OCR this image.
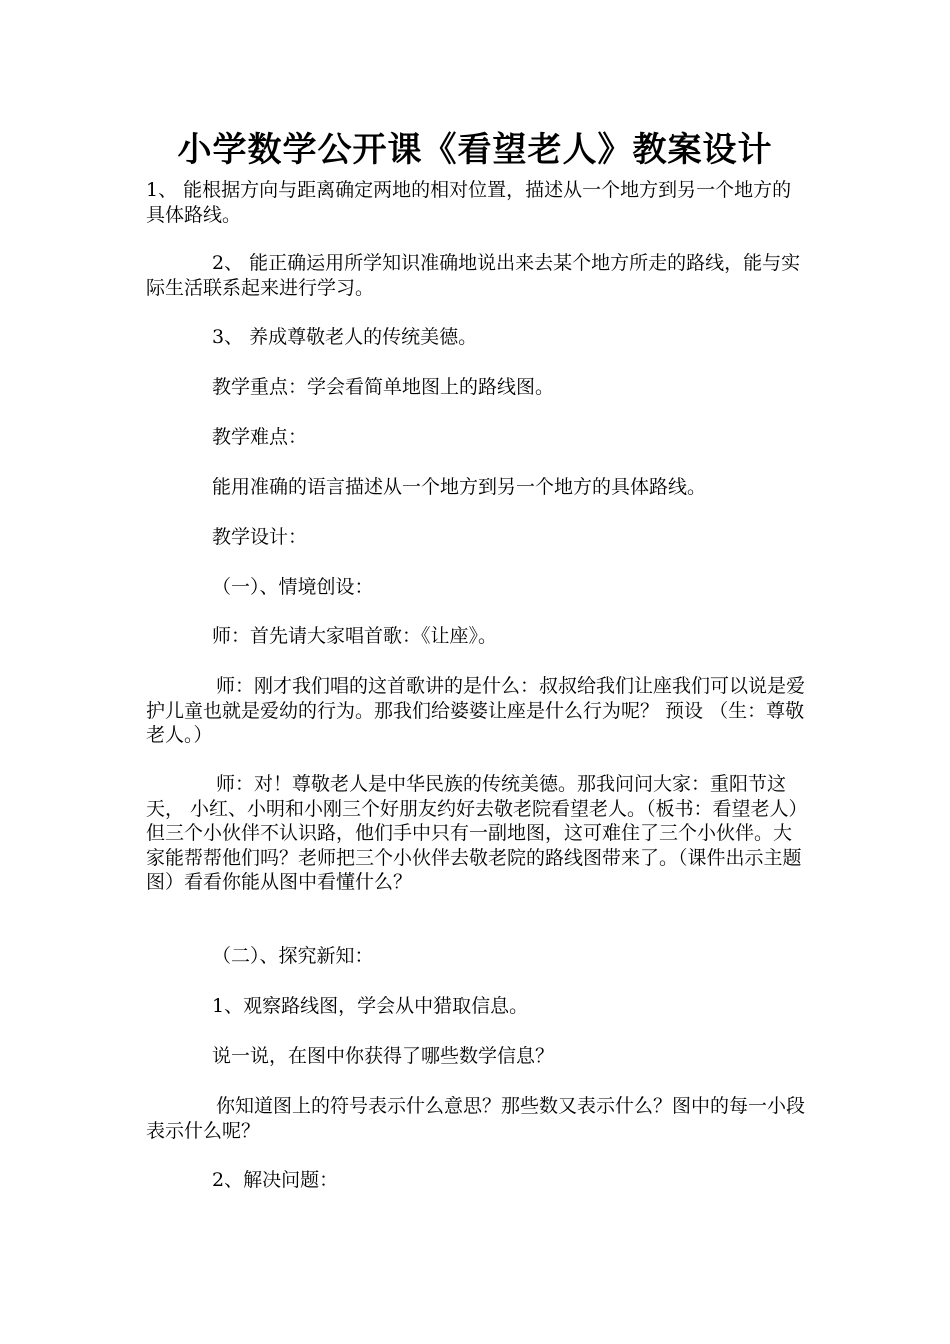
小学数学公开课《看望老人》教案设计

1、 能根据方向与距离确定两地的相对位置，描述从一个地方到另一个地方的具体路线。

2、 能正确运用所学知识准确地说出来去某个地方所走的路线，能与实际生活联系起来进行学习。

3、 养成尊敬老人的传统美德。

教学重点：学会看简单地图上的路线图。

教学难点：

能用准确的语言描述从一个地方到另一个地方的具体路线。

教学设计：

（一）、情境创设：

师：首先请大家唱首歌：《让座》。

师：刚才我们唱的这首歌讲的是什么：叔叔给我们让座我们可以说是爱护儿童也就是爱幼的行为。那我们给婆婆让座是什么行为呢？ 预设 （生：尊敬老人。）

师：对！尊敬老人是中华民族的传统美德。那我问问大家：重阳节这天， 小红、小明和小刚三个好朋友约好去敬老院看望老人。（板书：看望老人）但三个小伙伴不认识路，他们手中只有一副地图，这可难住了三个小伙伴。大家能帮帮他们吗？老师把三个小伙伴去敬老院的路线图带来了。（课件出示主题图）看看你能从图中看懂什么？

（二）、探究新知：

1、观察路线图，学会从中猎取信息。

说一说，在图中你获得了哪些数学信息？

你知道图上的符号表示什么意思？那些数又表示什么？图中的每一小段表示什么呢？

2、解决问题：
